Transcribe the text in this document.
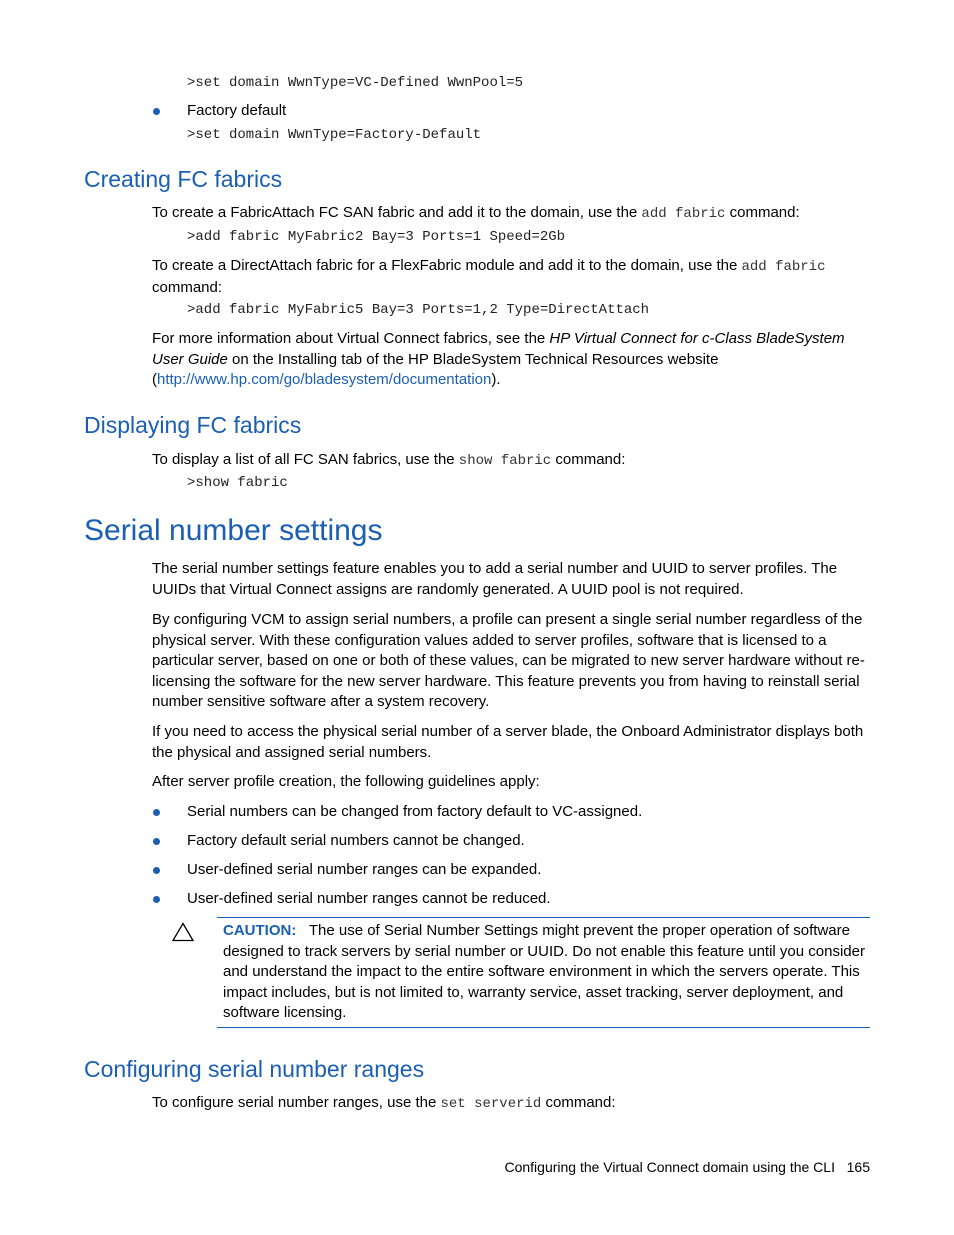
>set domain WwnType=VC-Defined WwnPool=5
Factory default
>set domain WwnType=Factory-Default
Creating FC fabrics
To create a FabricAttach FC SAN fabric and add it to the domain, use the add fabric command:
>add fabric MyFabric2 Bay=3 Ports=1 Speed=2Gb
To create a DirectAttach fabric for a FlexFabric module and add it to the domain, use the add fabric
command:
>add fabric MyFabric5 Bay=3 Ports=1,2 Type=DirectAttach
For more information about Virtual Connect fabrics, see the HP Virtual Connect for c-Class BladeSystem User Guide on the Installing tab of the HP BladeSystem Technical Resources website (http://www.hp.com/go/bladesystem/documentation).
Displaying FC fabrics
To display a list of all FC SAN fabrics, use the show fabric command:
>show fabric
Serial number settings
The serial number settings feature enables you to add a serial number and UUID to server profiles. The UUIDs that Virtual Connect assigns are randomly generated. A UUID pool is not required.
By configuring VCM to assign serial numbers, a profile can present a single serial number regardless of the physical server. With these configuration values added to server profiles, software that is licensed to a particular server, based on one or both of these values, can be migrated to new server hardware without re-licensing the software for the new server hardware. This feature prevents you from having to reinstall serial number sensitive software after a system recovery.
If you need to access the physical serial number of a server blade, the Onboard Administrator displays both the physical and assigned serial numbers.
After server profile creation, the following guidelines apply:
Serial numbers can be changed from factory default to VC-assigned.
Factory default serial numbers cannot be changed.
User-defined serial number ranges can be expanded.
User-defined serial number ranges cannot be reduced.
CAUTION: The use of Serial Number Settings might prevent the proper operation of software designed to track servers by serial number or UUID. Do not enable this feature until you consider and understand the impact to the entire software environment in which the servers operate. This impact includes, but is not limited to, warranty service, asset tracking, server deployment, and software licensing.
Configuring serial number ranges
To configure serial number ranges, use the set serverid command:
Configuring the Virtual Connect domain using the CLI 165
